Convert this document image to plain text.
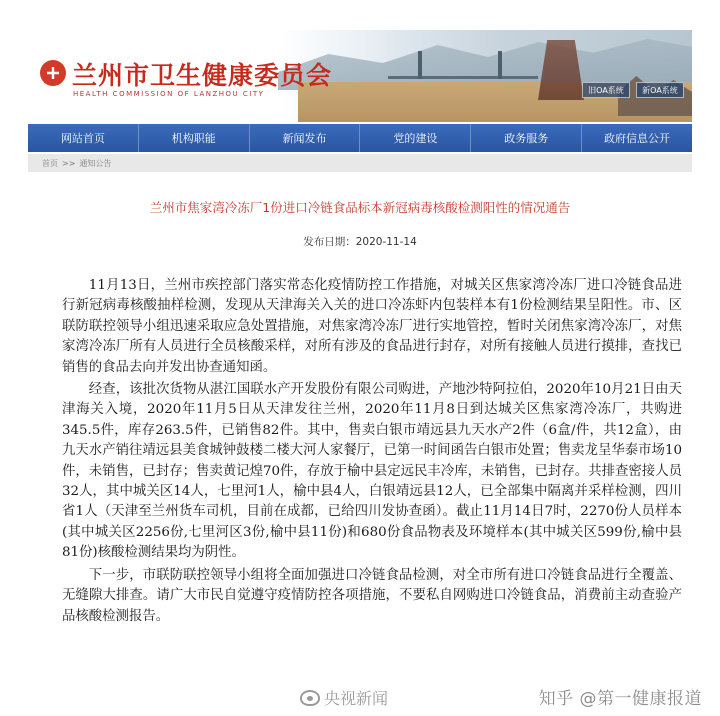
兰州市卫生健康委员会
HEALTH COMMISSION OF LANZHOU CITY	旧OA系统	新OA系统
网站首页	机构职能	新闻发布	党的建设	政务服务	政府信息公开
首页 >> 通知公告
兰州市焦家湾冷冻厂1份进口冷链食品标本新冠病毒核酸检测阳性的情况通告
发布日期：2020-11-14

11月13日，兰州市疾控部门落实常态化疫情防控工作措施，对城关区焦家湾冷冻厂进口冷链食品进行新冠病毒核酸抽样检测，发现从天津海关入关的进口冷冻虾内包装样本有1份检测结果呈阳性。市、区联防联控领导小组迅速采取应急处置措施，对焦家湾冷冻厂进行实地管控，暂时关闭焦家湾冷冻厂，对焦家湾冷冻厂所有人员进行全员核酸采样，对所有涉及的食品进行封存，对所有接触人员进行摸排，查找已销售的食品去向并发出协查通知函。

经查，该批次货物从湛江国联水产开发股份有限公司购进，产地沙特阿拉伯，2020年10月21日由天津海关入境，2020年11月5日从天津发往兰州，2020年11月8日到达城关区焦家湾冷冻厂，共购进345.5件，库存263.5件，已销售82件。其中，售卖白银市靖远县九天水产2件（6盒/件，共12盒），由九天水产销往靖远县美食城钟鼓楼二楼大河人家餐厅，已第一时间函告白银市处置；售卖龙呈华泰市场10件，未销售，已封存；售卖黄记煌70件，存放于榆中县定远民丰冷库，未销售，已封存。共排查密接人员32人，其中城关区14人，七里河1人，榆中县4人，白银靖远县12人，已全部集中隔离并采样检测，四川省1人（天津至兰州货车司机，目前在成都，已给四川发协查函）。截止11月14日7时，2270份人员样本(其中城关区2256份,七里河区3份,榆中县11份)和680份食品物表及环境样本(其中城关区599份,榆中县81份)核酸检测结果均为阴性。

下一步，市联防联控领导小组将全面加强进口冷链食品检测，对全市所有进口冷链食品进行全覆盖、无缝隙大排查。请广大市民自觉遵守疫情防控各项措施，不要私自网购进口冷链食品，消费前主动查验产品核酸检测报告。

央视新闻	知乎 @第一健康报道
